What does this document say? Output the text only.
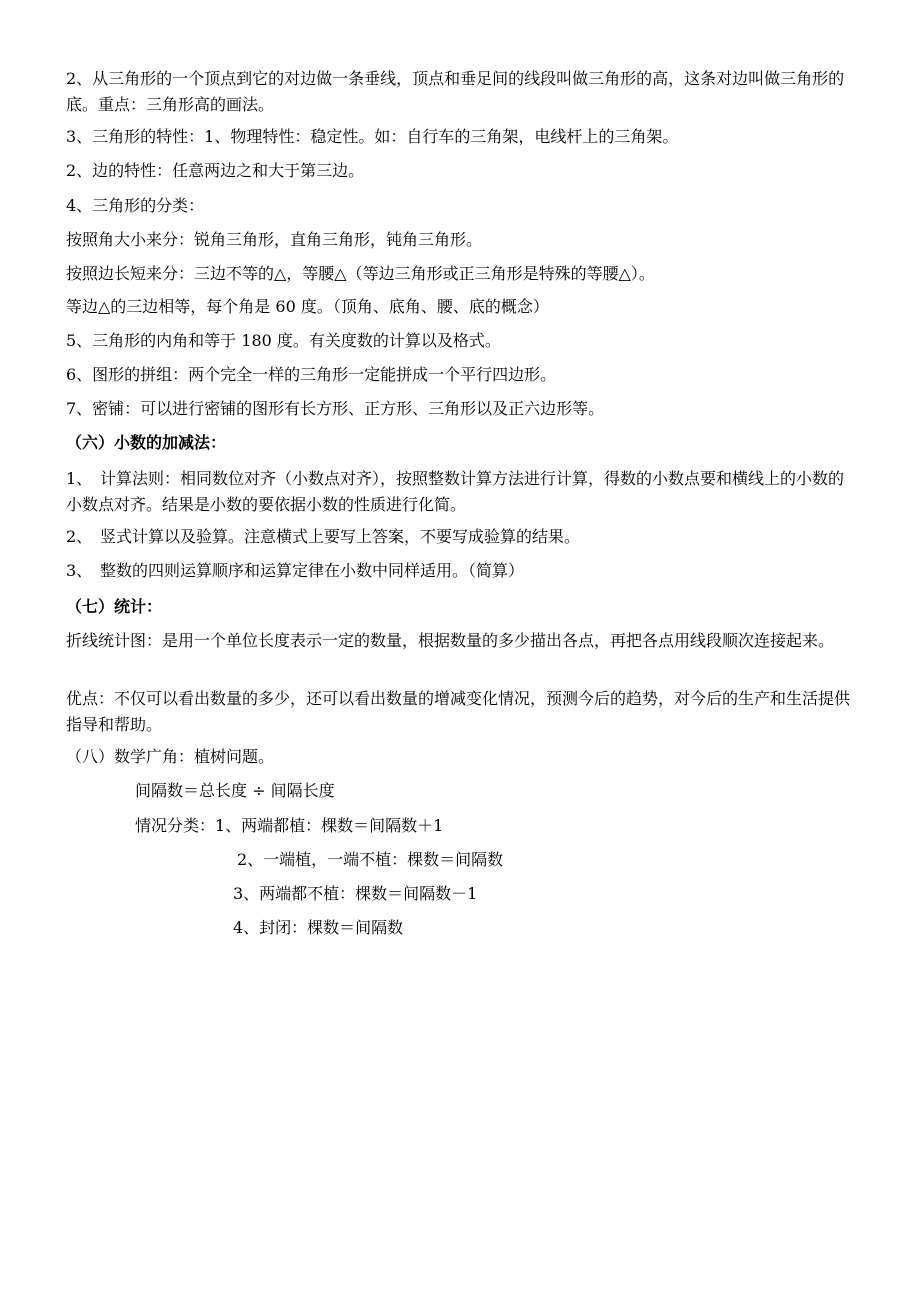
2、从三角形的一个顶点到它的对边做一条垂线，顶点和垂足间的线段叫做三角形的高，这条对边叫做三角形的底。重点：三角形高的画法。
3、三角形的特性：1、物理特性：稳定性。如：自行车的三角架，电线杆上的三角架。
2、边的特性：任意两边之和大于第三边。
4、三角形的分类：
按照角大小来分：锐角三角形，直角三角形，钝角三角形。
按照边长短来分：三边不等的△，等腰△（等边三角形或正三角形是特殊的等腰△）。
等边△的三边相等，每个角是 60 度。（顶角、底角、腰、底的概念）
5、三角形的内角和等于 180 度。有关度数的计算以及格式。
6、图形的拼组：两个完全一样的三角形一定能拼成一个平行四边形。
7、密铺：可以进行密铺的图形有长方形、正方形、三角形以及正六边形等。
（六）小数的加减法：
1、 计算法则：相同数位对齐（小数点对齐），按照整数计算方法进行计算，得数的小数点要和横线上的小数的小数点对齐。结果是小数的要依据小数的性质进行化简。
2、 竖式计算以及验算。注意横式上要写上答案，不要写成验算的结果。
3、 整数的四则运算顺序和运算定律在小数中同样适用。（简算）
（七）统计：
折线统计图：是用一个单位长度表示一定的数量，根据数量的多少描出各点，再把各点用线段顺次连接起来。
优点：不仅可以看出数量的多少，还可以看出数量的增减变化情况，预测今后的趋势，对今后的生产和生活提供指导和帮助。
（八）数学广角：植树问题。
间隔数＝总长度 ÷ 间隔长度
情况分类：1、两端都植：棵数＝间隔数＋1
2、一端植，一端不植：棵数＝间隔数
3、两端都不植：棵数＝间隔数－1
4、封闭：棵数＝间隔数
